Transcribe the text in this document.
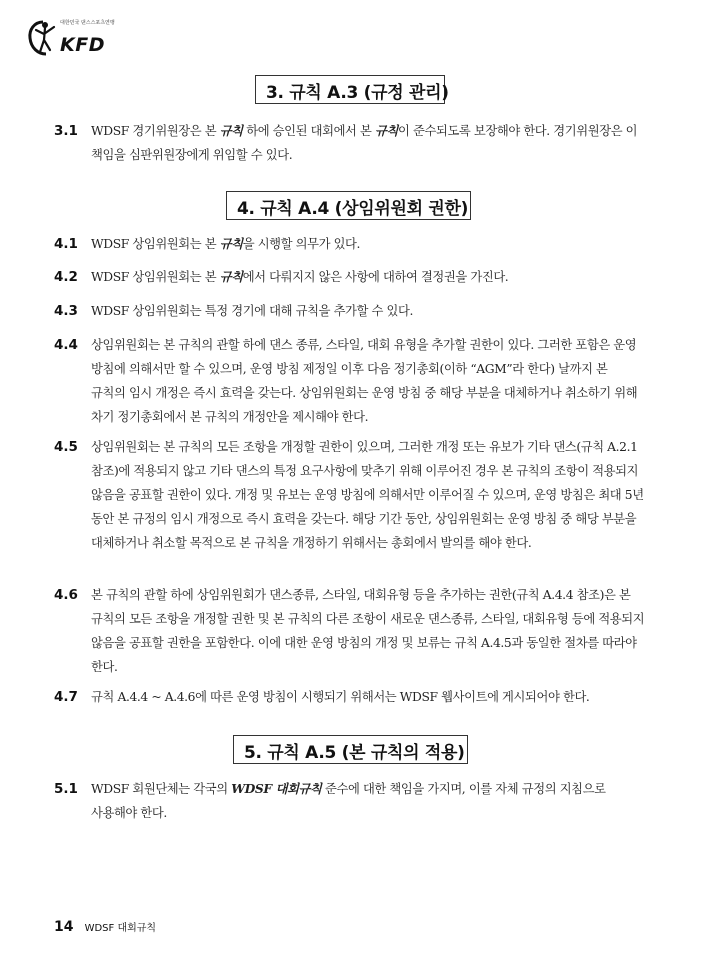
대한민국 댄스스포츠연맹
KFD
3. 규칙 A.3 (규정 관리)
3.1	WDSF 경기위원장은 본 규칙 하에 승인된 대회에서 본 규칙이 준수되도록 보장해야 한다. 경기위원장은 이 책임을 심판위원장에게 위임할 수 있다.
4. 규칙 A.4 (상임위원회 권한)
4.1	WDSF 상임위원회는 본 규칙을 시행할 의무가 있다.
4.2	WDSF 상임위원회는 본 규칙에서 다뤄지지 않은 사항에 대하여 결정권을 가진다.
4.3	WDSF 상임위원회는 특정 경기에 대해 규칙을 추가할 수 있다.
4.4	상임위원회는 본 규칙의 관할 하에 댄스 종류, 스타일, 대회 유형을 추가할 권한이 있다. 그러한 포함은 운영 방침에 의해서만 할 수 있으며, 운영 방침 제정일 이후 다음 정기총회(이하 “AGM”라 한다) 날까지 본 규칙의 임시 개정은 즉시 효력을 갖는다. 상임위원회는 운영 방침 중 해당 부분을 대체하거나 취소하기 위해 차기 정기총회에서 본 규칙의 개정안을 제시해야 한다.
4.5	상임위원회는 본 규칙의 모든 조항을 개정할 권한이 있으며, 그러한 개정 또는 유보가 기타 댄스(규칙 A.2.1 참조)에 적용되지 않고 기타 댄스의 특정 요구사항에 맞추기 위해 이루어진 경우 본 규칙의 조항이 적용되지 않음을 공표할 권한이 있다. 개정 및 유보는 운영 방침에 의해서만 이루어질 수 있으며, 운영 방침은 최대 5년 동안 본 규정의 임시 개정으로 즉시 효력을 갖는다. 해당 기간 동안, 상임위원회는 운영 방침 중 해당 부분을 대체하거나 취소할 목적으로 본 규칙을 개정하기 위해서는 총회에서 발의를 해야 한다.
4.6	본 규칙의 관할 하에 상임위원회가 댄스종류, 스타일, 대회유형 등을 추가하는 권한(규칙 A.4.4 참조)은 본 규칙의 모든 조항을 개정할 권한 및 본 규칙의 다른 조항이 새로운 댄스종류, 스타일, 대회유형 등에 적용되지 않음을 공표할 권한을 포함한다. 이에 대한 운영 방침의 개정 및 보류는 규칙 A.4.5과 동일한 절차를 따라야 한다.
4.7	규칙 A.4.4 ~ A.4.6에 따른 운영 방침이 시행되기 위해서는 WDSF 웹사이트에 게시되어야 한다.
5. 규칙 A.5 (본 규칙의 적용)
5.1	WDSF 회원단체는 각국의 WDSF 대회규칙 준수에 대한 책임을 가지며, 이를 자체 규정의 지침으로 사용해야 한다.
14 WDSF 대회규칙
